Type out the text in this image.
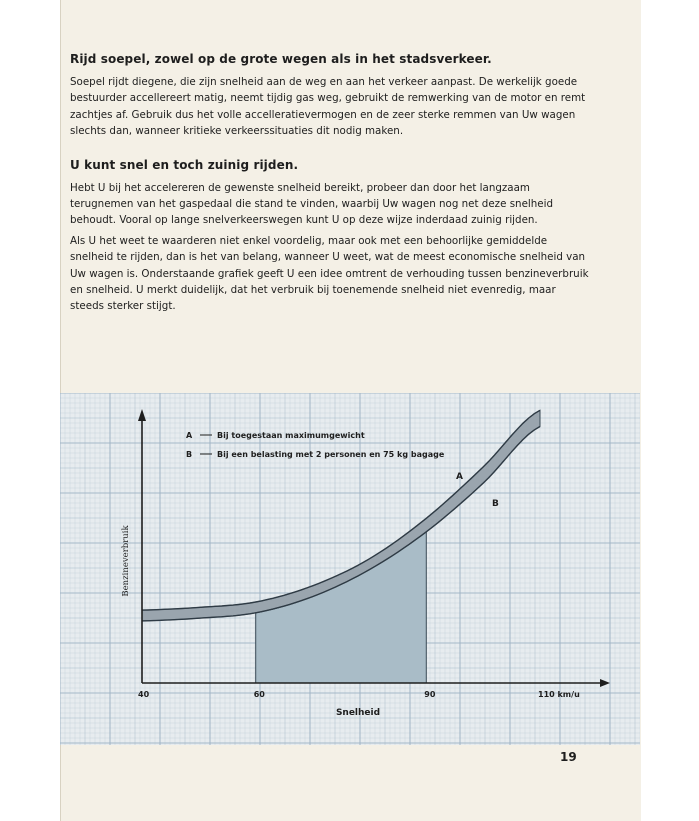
Rijd soepel, zowel op de grote wegen als in het stadsverkeer.

Soepel rijdt diegene, die zijn snelheid aan de weg en aan het verkeer aanpast. De werkelijk goede bestuurder accellereert matig, neemt tijdig gas weg, gebruikt de remwerking van de motor en remt zachtjes af. Gebruik dus het volle accelleratievermogen en de zeer sterke remmen van Uw wagen slechts dan, wanneer kritieke verkeerssituaties dit nodig maken.

U kunt snel en toch zuinig rijden.

Hebt U bij het accelereren de gewenste snelheid bereikt, probeer dan door het langzaam terugnemen van het gaspedaal die stand te vinden, waarbij Uw wagen nog net deze snelheid behoudt. Vooral op lange snelverkeerswegen kunt U op deze wijze inderdaad zuinig rijden.

Als U het weet te waarderen niet enkel voordelig, maar ook met een behoorlijke gemiddelde snelheid te rijden, dan is het van belang, wanneer U weet, wat de meest economische snelheid van Uw wagen is. Onderstaande grafiek geeft U een idee omtrent de verhouding tussen benzineverbruik en snelheid. U merkt duidelijk, dat het verbruik bij toenemende snelheid niet evenredig, maar steeds sterker stijgt.

40	60	90	110 km/u
Snelheid
Benzineverbruik
A	Bij toegestaan maximumgewicht
B	Bij een belasting met 2 personen en 75 kg bagage
A
B
19
